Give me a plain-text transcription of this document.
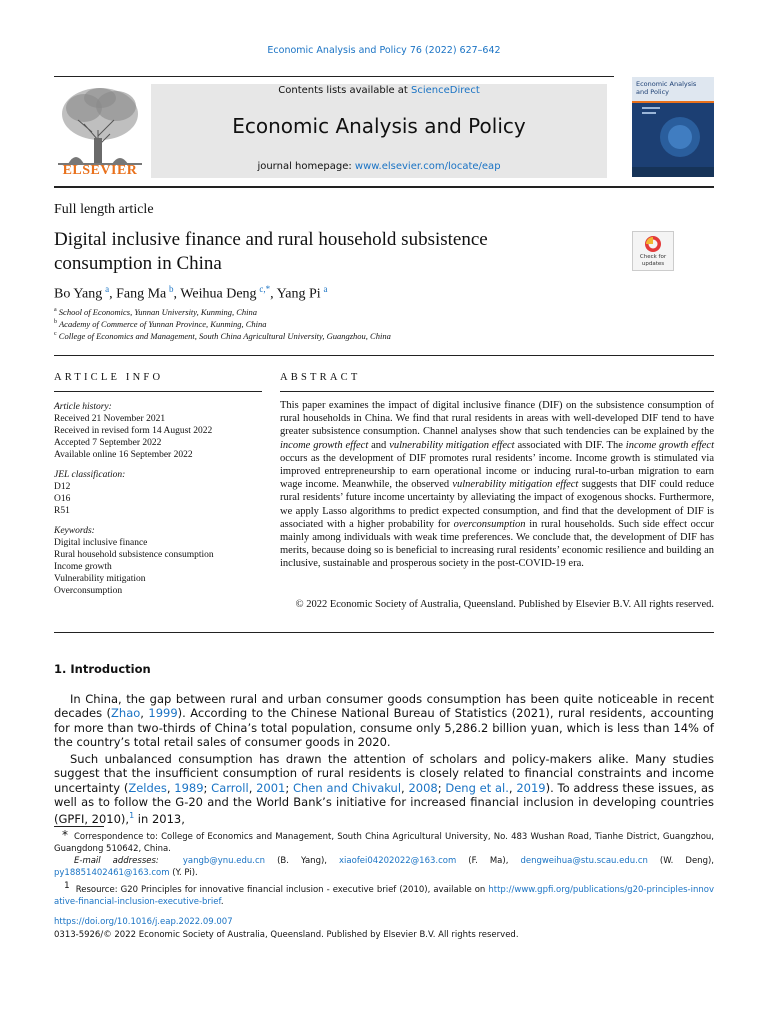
Economic Analysis and Policy 76 (2022) 627–642
ELSEVIER
Contents lists available at ScienceDirect
Economic Analysis and Policy
journal homepage: www.elsevier.com/locate/eap
Economic Analysis
and Policy
Full length article
Digital inclusive finance and rural household subsistence
consumption in China	Check for
updates
Bo Yang  $^a$, Fang Ma  $^b$, Weihua Deng  $^{c,*}$, Yang Pi  $^a$
$^a$ School of Economics, Yunnan University, Kunming, China
$^b$ Academy of Commerce of Yunnan Province, Kunming, China
$^c$ College of Economics and Management, South China Agricultural University, Guangzhou, China
ARTICLE INFO	ABSTRACT
Article history:
Received 21 November 2021
Received in revised form 14 August 2022
Accepted 7 September 2022
Available online 16 September 2022
JEL classification:
D12
O16
R51
Keywords:
Digital inclusive finance
Rural household subsistence consumption
Income growth
Vulnerability mitigation
Overconsumption
This paper examines the impact of digital inclusive finance (DIF) on the subsistence consumption of rural households in China. We find that rural residents in areas with well-developed DIF tend to have greater subsistence consumption. Channel analyses show that such tendencies can be explained by the income growth effect and vulnerability mitigation effect associated with DIF. The income growth effect occurs as the development of DIF promotes rural residents’ income. Income growth is stimulated via improved entrepreneurship to earn operational income or inducing rural-to-urban migration to earn wage income. Meanwhile, the observed vulnerability mitigation effect suggests that DIF could reduce rural residents’ future income uncertainty by alleviating the impact of exogenous shocks. Furthermore, we apply Lasso algorithms to predict expected consumption, and find that the development of DIF is associated with a higher probability for overconsumption in rural households. Such side effect occur mainly among individuals with weak time preferences. We conclude that, the development of DIF has merits, because doing so is beneficial to increasing rural residents’ economic resilience and building an inclusive, sustainable and prosperous society in the post-COVID-19 era.
© 2022 Economic Society of Australia, Queensland. Published by Elsevier B.V. All rights reserved.
1. Introduction
In China, the gap between rural and urban consumer goods consumption has been quite noticeable in recent decades (Zhao, 1999). According to the Chinese National Bureau of Statistics (2021), rural residents, accounting for more than two-thirds of China’s total population, consume only 5,286.2 billion yuan, which is less than 14% of the country’s total retail sales of consumer goods in 2020.
Such unbalanced consumption has drawn the attention of scholars and policy-makers alike. Many studies suggest that the insufficient consumption of rural residents is closely related to financial constraints and income uncertainty (Zeldes, 1989; Carroll, 2001; Chen and Chivakul, 2008; Deng et al., 2019). To address these issues, as well as to follow the G-20 and the World Bank’s initiative for increased financial inclusion in developing countries (GPFI, 2010),$^1$ in 2013,
* Correspondence to: College of Economics and Management, South China Agricultural University, No. 483 Wushan Road, Tianhe District, Guangzhou, Guangdong 510642, China.
E-mail addresses:	yangb@ynu.edu.cn (B. Yang), xiaofei04202022@163.com (F. Ma), dengweihua@stu.scau.edu.cn (W. Deng), py18851402461@163.com (Y. Pi).
$^1$ Resource: G20 Principles for innovative financial inclusion - executive brief (2010), available on http://www.gpfi.org/publications/g20-principles-innovative-financial-inclusion-executive-brief.
https://doi.org/10.1016/j.eap.2022.09.007
0313-5926/© 2022 Economic Society of Australia, Queensland. Published by Elsevier B.V. All rights reserved.
